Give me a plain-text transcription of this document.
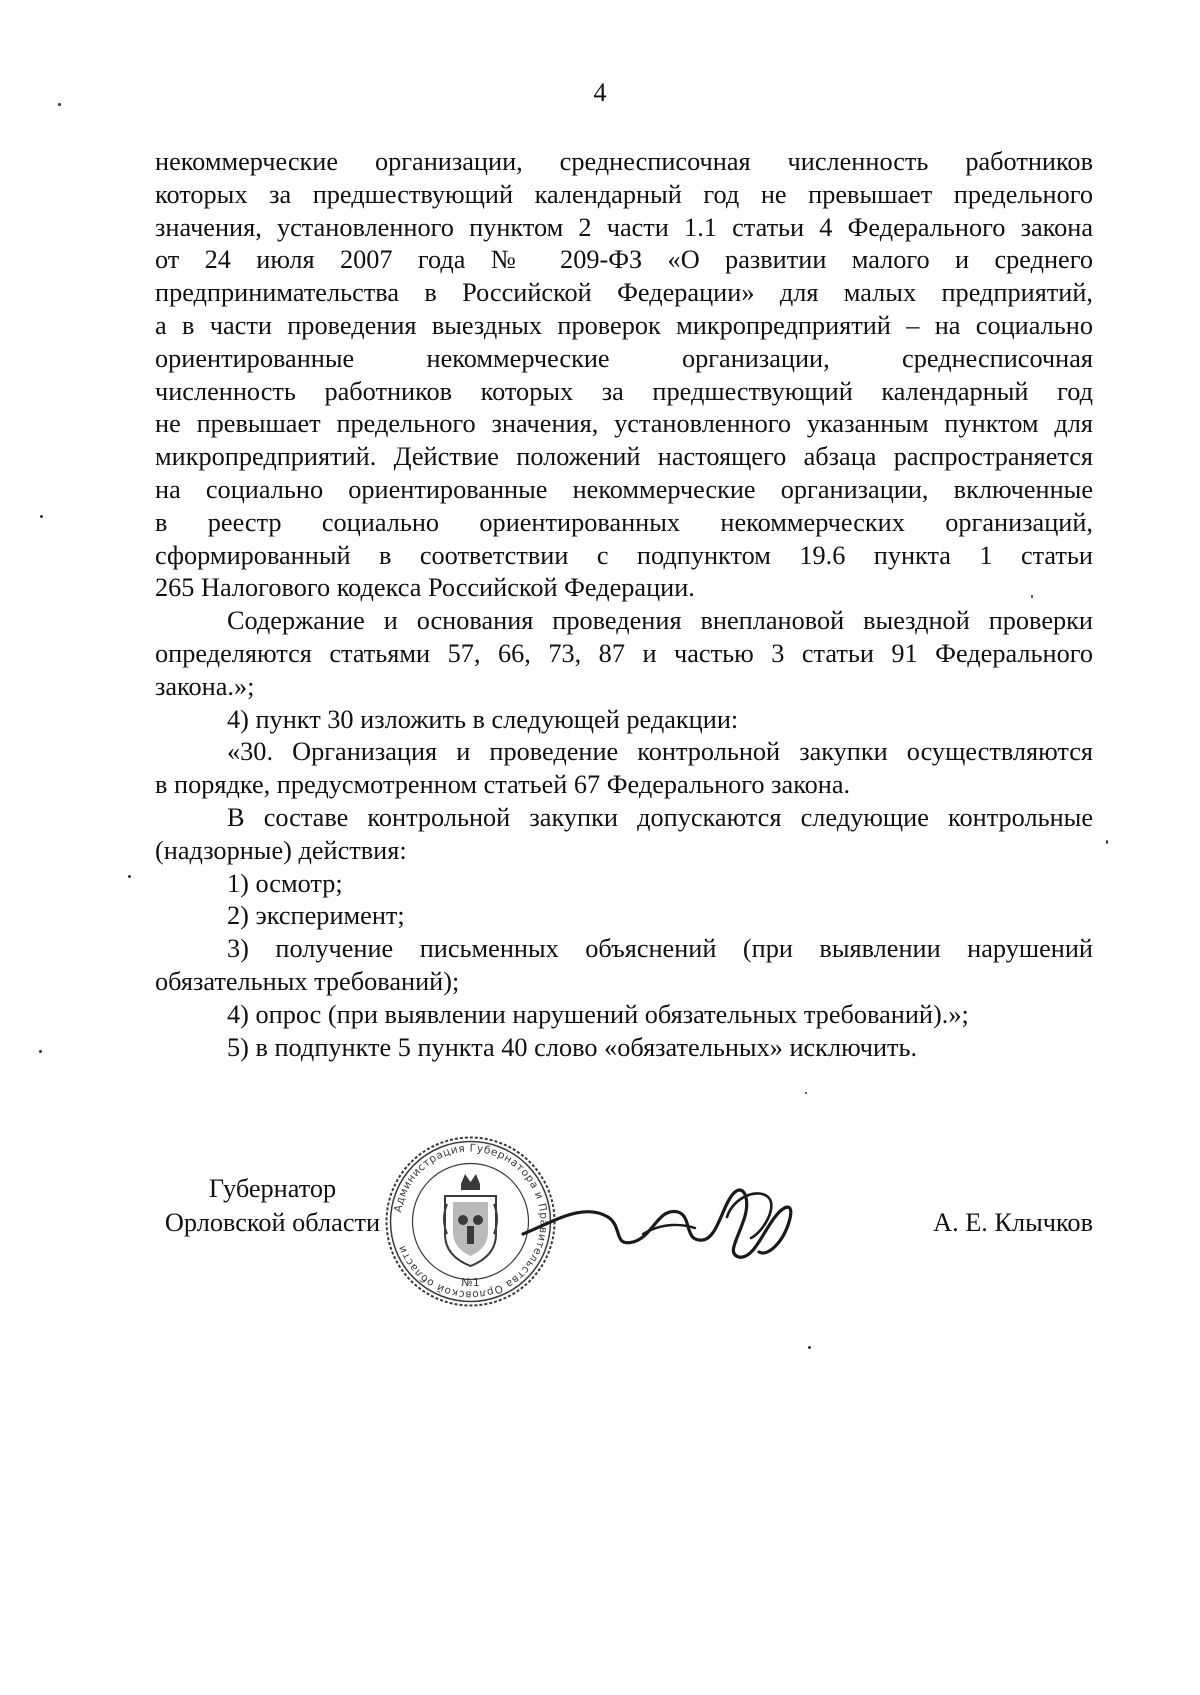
4
некоммерческие организации, среднесписочная численность работников
которых за предшествующий календарный год не превышает предельного
значения, установленного пунктом 2 части 1.1 статьи 4 Федерального закона
от 24 июля 2007 года № 209-ФЗ «О развитии малого и среднего
предпринимательства в Российской Федерации» для малых предприятий,
а в части проведения выездных проверок микропредприятий – на социально
ориентированные некоммерческие организации, среднесписочная
численность работников которых за предшествующий календарный год
не превышает предельного значения, установленного указанным пунктом для
микропредприятий. Действие положений настоящего абзаца распространяется
на социально ориентированные некоммерческие организации, включенные
в реестр социально ориентированных некоммерческих организаций,
сформированный в соответствии с подпунктом 19.6 пункта 1 статьи
265 Налогового кодекса Российской Федерации.
Содержание и основания проведения внеплановой выездной проверки
определяются статьями 57, 66, 73, 87 и частью 3 статьи 91 Федерального
закона.»;
4) пункт 30 изложить в следующей редакции:
«30. Организация и проведение контрольной закупки осуществляются
в порядке, предусмотренном статьей 67 Федерального закона.
В составе контрольной закупки допускаются следующие контрольные
(надзорные) действия:
1) осмотр;
2) эксперимент;
3) получение письменных объяснений (при выявлении нарушений
обязательных требований);
4) опрос (при выявлении нарушений обязательных требований).»;
5) в подпункте 5 пункта 40 слово «обязательных» исключить.
Губернатор
Орловской области	Администрация Губернатора и Правительства Орловской области
№1
А. Е. Клычков
